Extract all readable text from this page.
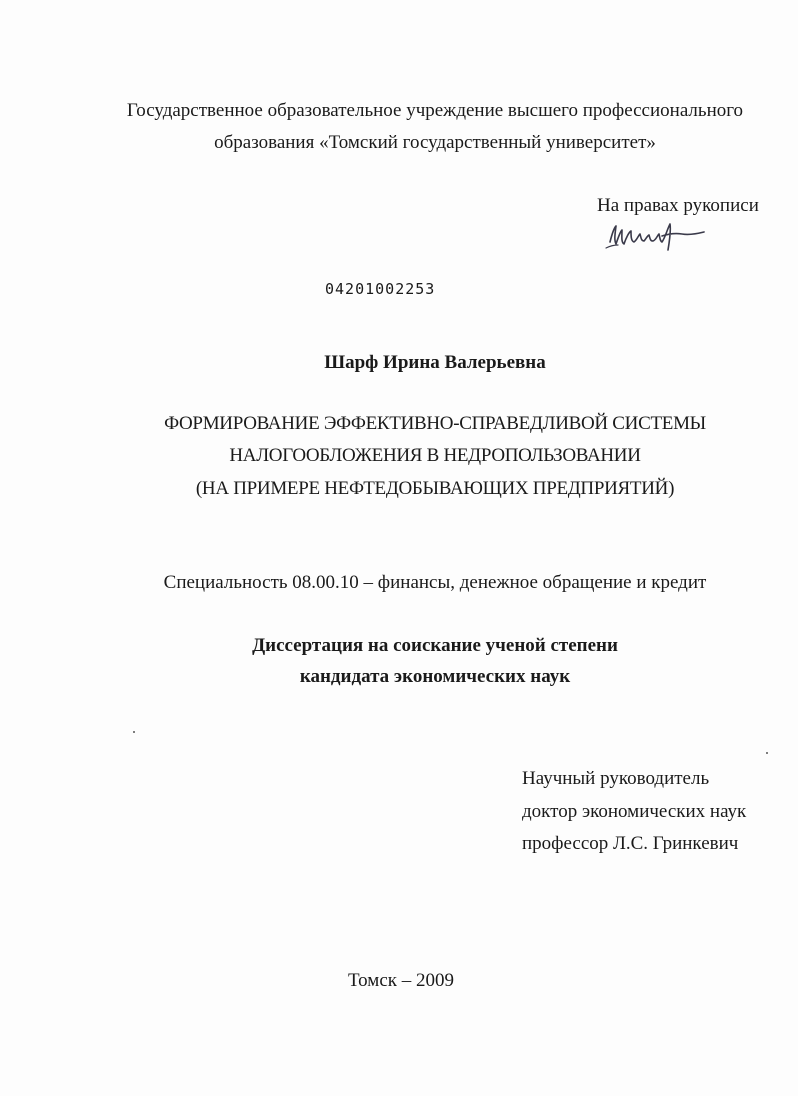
Государственное образовательное учреждение высшего профессионального
образования «Томский государственный университет»
На правах рукописи
04201002253
Шарф Ирина Валерьевна
ФОРМИРОВАНИЕ ЭФФЕКТИВНО-СПРАВЕДЛИВОЙ СИСТЕМЫ
НАЛОГООБЛОЖЕНИЯ В НЕДРОПОЛЬЗОВАНИИ
(НА ПРИМЕРЕ НЕФТЕДОБЫВАЮЩИХ ПРЕДПРИЯТИЙ)
Специальность 08.00.10 – финансы, денежное обращение и кредит
Диссертация на соискание ученой степени
кандидата экономических наук
Научный руководитель
доктор экономических наук
профессор Л.С. Гринкевич
Томск – 2009
